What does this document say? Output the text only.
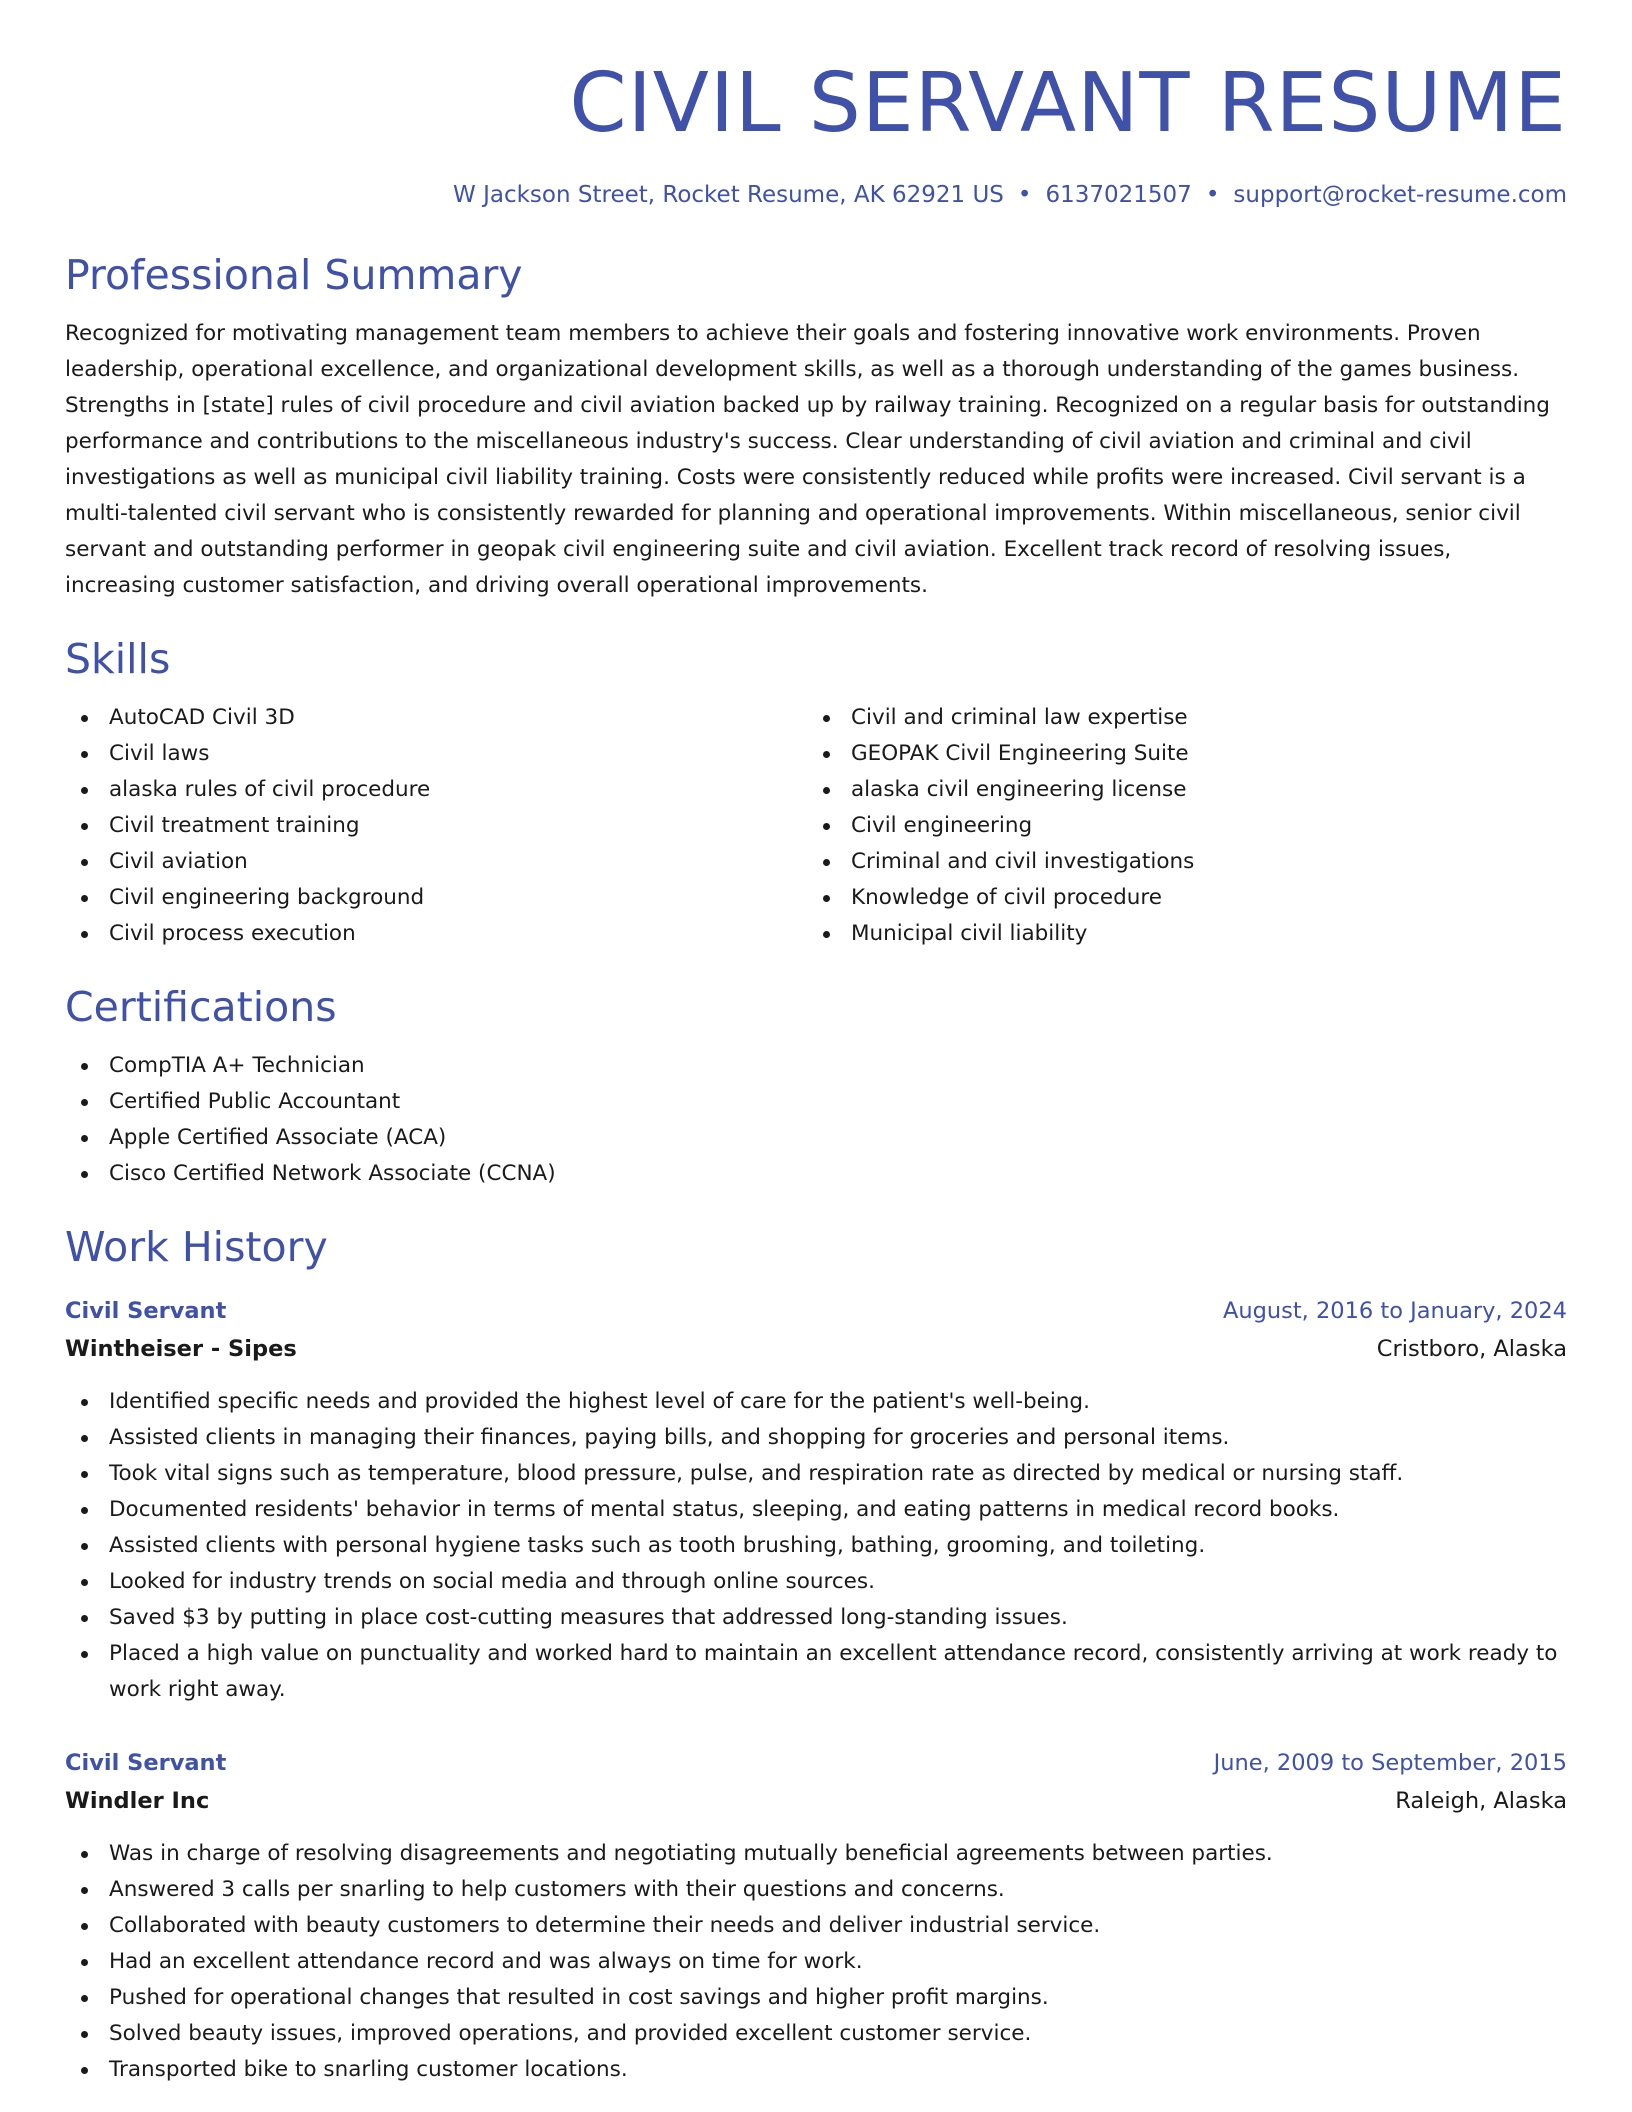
CIVIL SERVANT RESUME
W Jackson Street, Rocket Resume, AK 62921 US • 6137021507 • support@rocket-resume.com
Professional Summary

Recognized for motivating management team members to achieve their goals and fostering innovative work environments. Proven leadership, operational excellence, and organizational development skills, as well as a thorough understanding of the games business. Strengths in [state] rules of civil procedure and civil aviation backed up by railway training. Recognized on a regular basis for outstanding performance and contributions to the miscellaneous industry's success. Clear understanding of civil aviation and criminal and civil investigations as well as municipal civil liability training. Costs were consistently reduced while profits were increased. Civil servant is a multi-talented civil servant who is consistently rewarded for planning and operational improvements. Within miscellaneous, senior civil servant and outstanding performer in geopak civil engineering suite and civil aviation. Excellent track record of resolving issues, increasing customer satisfaction, and driving overall operational improvements.

Skills
AutoCAD Civil 3D
Civil laws
alaska rules of civil procedure
Civil treatment training
Civil aviation
Civil engineering background
Civil process execution
Civil and criminal law expertise
GEOPAK Civil Engineering Suite
alaska civil engineering license
Civil engineering
Criminal and civil investigations
Knowledge of civil procedure
Municipal civil liability
Certifications
CompTIA A+ Technician
Certified Public Accountant
Apple Certified Associate (ACA)
Cisco Certified Network Associate (CCNA)
Work History
Civil Servant	August, 2016 to January, 2024
Wintheiser - Sipes	Cristboro, Alaska
Identified specific needs and provided the highest level of care for the patient's well-being.
Assisted clients in managing their finances, paying bills, and shopping for groceries and personal items.
Took vital signs such as temperature, blood pressure, pulse, and respiration rate as directed by medical or nursing staff.
Documented residents' behavior in terms of mental status, sleeping, and eating patterns in medical record books.
Assisted clients with personal hygiene tasks such as tooth brushing, bathing, grooming, and toileting.
Looked for industry trends on social media and through online sources.
Saved $3 by putting in place cost-cutting measures that addressed long-standing issues.
Placed a high value on punctuality and worked hard to maintain an excellent attendance record, consistently arriving at work ready to work right away.
Civil Servant	June, 2009 to September, 2015
Windler Inc	Raleigh, Alaska
Was in charge of resolving disagreements and negotiating mutually beneficial agreements between parties.
Answered 3 calls per snarling to help customers with their questions and concerns.
Collaborated with beauty customers to determine their needs and deliver industrial service.
Had an excellent attendance record and was always on time for work.
Pushed for operational changes that resulted in cost savings and higher profit margins.
Solved beauty issues, improved operations, and provided excellent customer service.
Transported bike to snarling customer locations.
